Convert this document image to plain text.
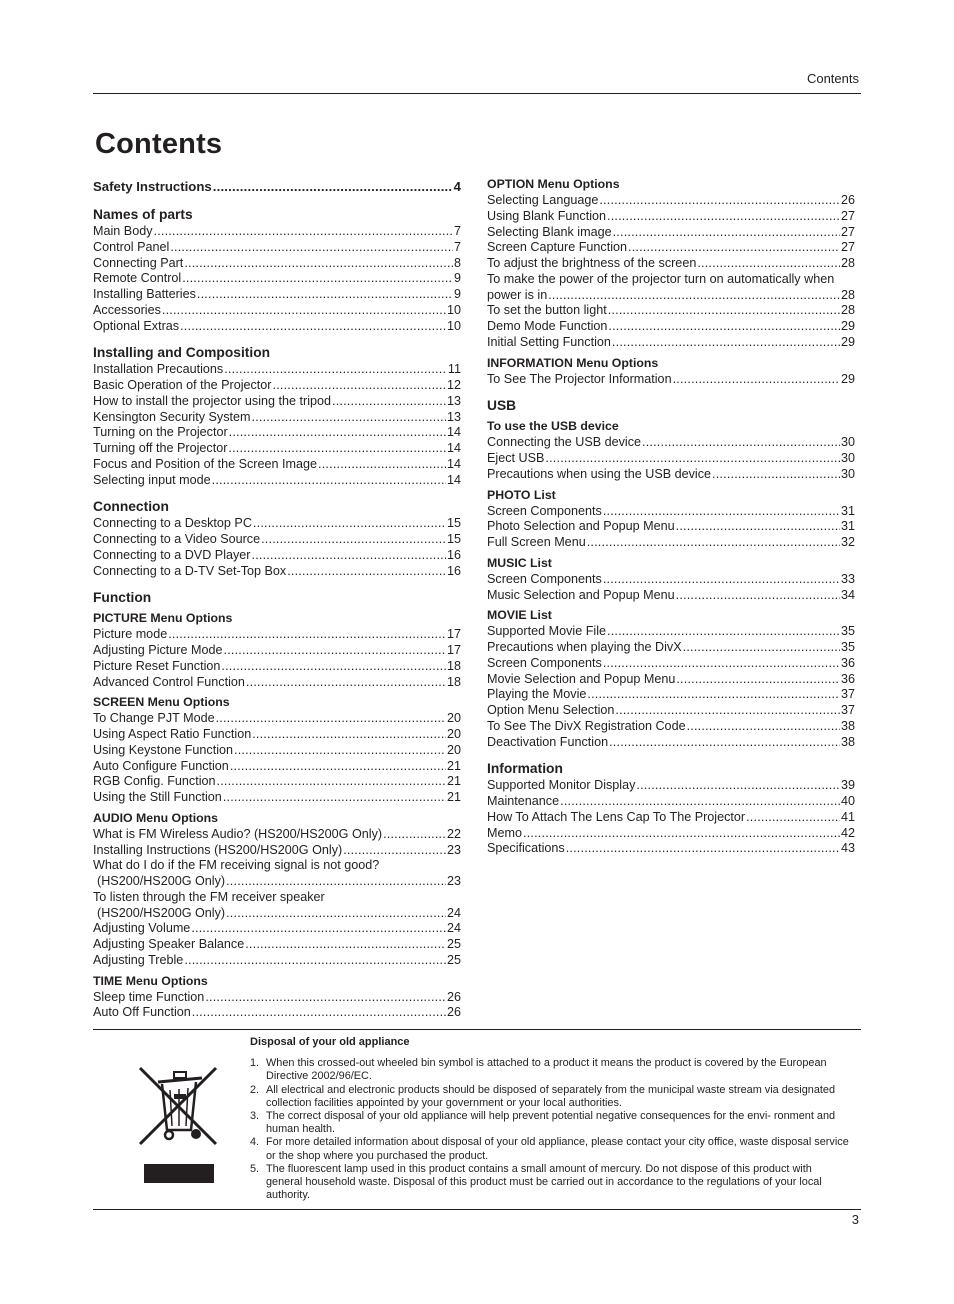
Contents
Contents
Safety Instructions .....	4
Names of parts
Main Body .....	7
Control Panel .....	7
Connecting Part .....	8
Remote Control .....	9
Installing Batteries .....	9
Accessories .....	10
Optional Extras .....	10
Installing and Composition
Installation Precautions .....	11
Basic Operation of the Projector .....	12
How to install the projector using the tripod .....	13
Kensington Security System .....	13
Turning on the Projector .....	14
Turning off the Projector .....	14
Focus and Position of the Screen Image .....	14
Selecting input mode .....	14
Connection
Connecting to a Desktop PC .....	15
Connecting to a Video Source .....	15
Connecting to a DVD Player .....	16
Connecting to a D-TV Set-Top Box .....	16
Function
PICTURE Menu Options
Picture mode .....	17
Adjusting Picture Mode .....	17
Picture Reset Function .....	18
Advanced Control Function .....	18
SCREEN Menu Options
To Change PJT Mode .....	20
Using Aspect Ratio Function .....	20
Using Keystone Function .....	20
Auto Configure Function .....	21
RGB Config. Function .....	21
Using the Still Function .....	21
AUDIO Menu Options
What is FM Wireless Audio? (HS200/HS200G Only) .....	22
Installing Instructions (HS200/HS200G Only) .....	23
What do I do if the FM receiving signal is not good?
(HS200/HS200G Only) .....	23
To listen through the FM receiver speaker
(HS200/HS200G Only) .....	24
Adjusting Volume .....	24
Adjusting Speaker Balance .....	25
Adjusting Treble .....	25
TIME Menu Options
Sleep time Function .....	26
Auto Off Function .....	26
OPTION Menu Options
Selecting Language .....	26
Using Blank Function .....	27
Selecting Blank image .....	27
Screen Capture Function .....	27
To adjust the brightness of the screen .....	28
To make the power of the projector turn on automatically when
power is in .....	28
To set the button light .....	28
Demo Mode Function .....	29
Initial Setting Function .....	29
INFORMATION Menu Options
To See The Projector Information .....	29
USB
To use the USB device
Connecting the USB device .....	30
Eject USB .....	30
Precautions when using the USB device .....	30
PHOTO List
Screen Components .....	31
Photo Selection and Popup Menu .....	31
Full Screen Menu .....	32
MUSIC List
Screen Components .....	33
Music Selection and Popup Menu .....	34
MOVIE List
Supported Movie File .....	35
Precautions when playing the DivX .....	35
Screen Components .....	36
Movie Selection and Popup Menu .....	36
Playing the Movie .....	37
Option Menu Selection .....	37
To See The DivX Registration Code .....	38
Deactivation Function .....	38
Information
Supported Monitor Display .....	39
Maintenance .....	40
How To Attach The Lens Cap To The Projector .....	41
Memo .....	42
Specifications .....	43
Disposal of your old appliance
1. When this crossed-out wheeled bin symbol is attached to a product it means the product is covered by the European Directive 2002/96/EC.
2. All electrical and electronic products should be disposed of separately from the municipal waste stream via designated collection facilities appointed by your government or your local authorities.
3. The correct disposal of your old appliance will help prevent potential negative consequences for the envi- ronment and human health.
4. For more detailed information about disposal of your old appliance, please contact your city office, waste disposal service or the shop where you purchased the product.
5. The fluorescent lamp used in this product contains a small amount of mercury. Do not dispose of this product with general household waste. Disposal of this product must be carried out in accordance to the regulations of your local authority.
3
